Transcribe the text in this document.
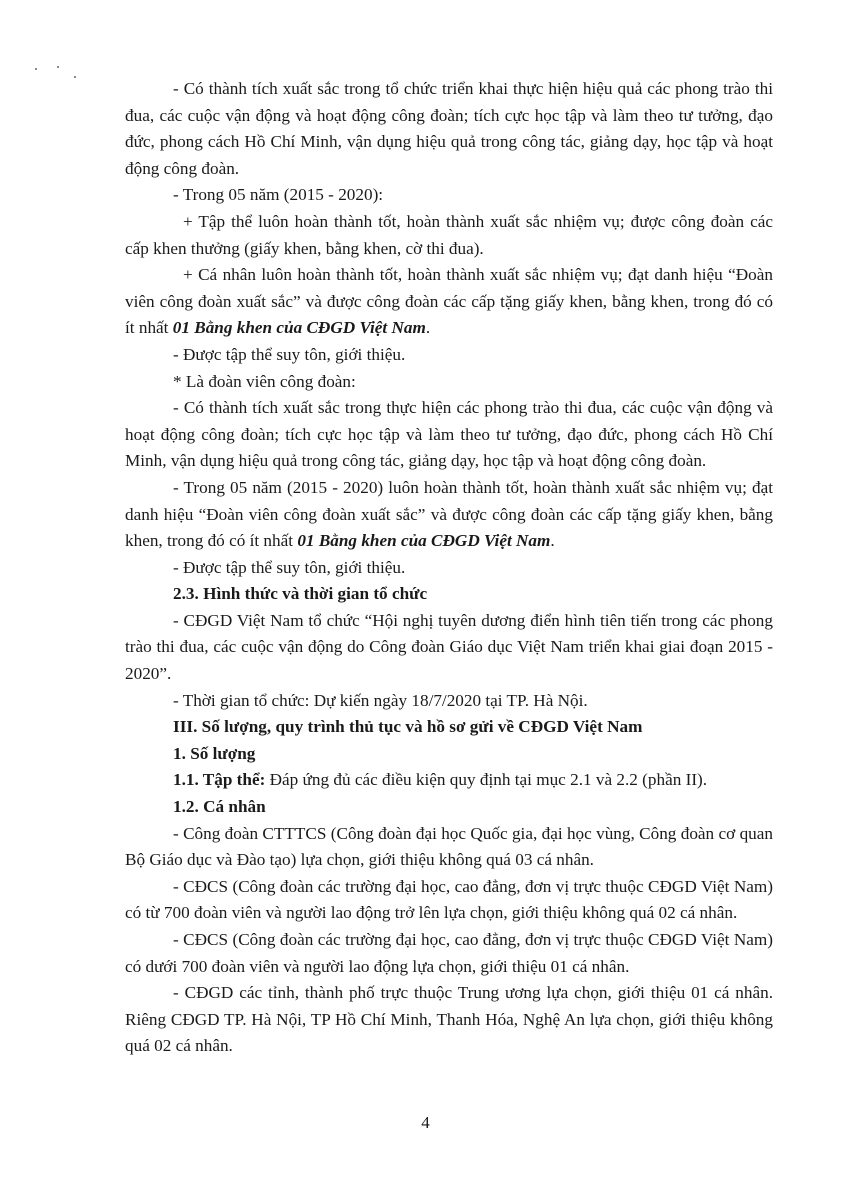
- Có thành tích xuất sắc trong tổ chức triển khai thực hiện hiệu quả các phong trào thi đua, các cuộc vận động và hoạt động công đoàn; tích cực học tập và làm theo tư tưởng, đạo đức, phong cách Hồ Chí Minh, vận dụng hiệu quả trong công tác, giảng dạy, học tập và hoạt động công đoàn.

- Trong 05 năm (2015 - 2020):

+ Tập thể luôn hoàn thành tốt, hoàn thành xuất sắc nhiệm vụ; được công đoàn các cấp khen thưởng (giấy khen, bằng khen, cờ thi đua).

+ Cá nhân luôn hoàn thành tốt, hoàn thành xuất sắc nhiệm vụ; đạt danh hiệu “Đoàn viên công đoàn xuất sắc” và được công đoàn các cấp tặng giấy khen, bằng khen, trong đó có ít nhất 01 Bằng khen của CĐGD Việt Nam.

- Được tập thể suy tôn, giới thiệu.

* Là đoàn viên công đoàn:

- Có thành tích xuất sắc trong thực hiện các phong trào thi đua, các cuộc vận động và hoạt động công đoàn; tích cực học tập và làm theo tư tưởng, đạo đức, phong cách Hồ Chí Minh, vận dụng hiệu quả trong công tác, giảng dạy, học tập và hoạt động công đoàn.

- Trong 05 năm (2015 - 2020) luôn hoàn thành tốt, hoàn thành xuất sắc nhiệm vụ; đạt danh hiệu “Đoàn viên công đoàn xuất sắc” và được công đoàn các cấp tặng giấy khen, bằng khen, trong đó có ít nhất 01 Bằng khen của CĐGD Việt Nam.

- Được tập thể suy tôn, giới thiệu.

2.3. Hình thức và thời gian tổ chức

- CĐGD Việt Nam tổ chức “Hội nghị tuyên dương điển hình tiên tiến trong các phong trào thi đua, các cuộc vận động do Công đoàn Giáo dục Việt Nam triển khai giai đoạn 2015 - 2020”.

- Thời gian tổ chức: Dự kiến ngày 18/7/2020 tại TP. Hà Nội.

III. Số lượng, quy trình thủ tục và hồ sơ gửi về CĐGD Việt Nam

1. Số lượng

1.1. Tập thể: Đáp ứng đủ các điều kiện quy định tại mục 2.1 và 2.2 (phần II).

1.2. Cá nhân

- Công đoàn CTTTCS (Công đoàn đại học Quốc gia, đại học vùng, Công đoàn cơ quan Bộ Giáo dục và Đào tạo) lựa chọn, giới thiệu không quá 03 cá nhân.

- CĐCS (Công đoàn các trường đại học, cao đẳng, đơn vị trực thuộc CĐGD Việt Nam) có từ 700 đoàn viên và người lao động trở lên lựa chọn, giới thiệu không quá 02 cá nhân.

- CĐCS (Công đoàn các trường đại học, cao đẳng, đơn vị trực thuộc CĐGD Việt Nam) có dưới 700 đoàn viên và người lao động lựa chọn, giới thiệu 01 cá nhân.

- CĐGD các tỉnh, thành phố trực thuộc Trung ương lựa chọn, giới thiệu 01 cá nhân. Riêng CĐGD TP. Hà Nội, TP Hồ Chí Minh, Thanh Hóa, Nghệ An lựa chọn, giới thiệu không quá 02 cá nhân.

4
